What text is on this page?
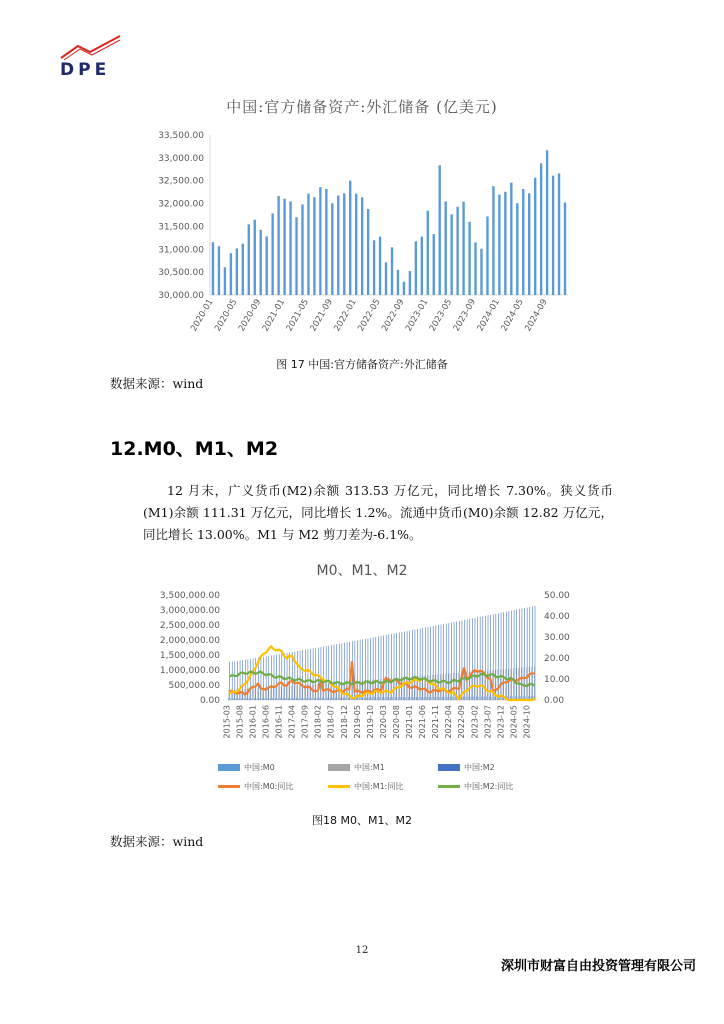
DPE
中国:官方储备资产:外汇储备 (亿美元)
30,000.00
30,500.00
31,000.00
31,500.00
32,000.00
32,500.00
33,000.00
33,500.00
2020-01
2020-05
2020-09
2021-01
2021-05
2021-09
2022-01
2022-05
2022-09
2023-01
2023-05
2023-09
2024-01
2024-05
2024-09
图 17 中国:官方储备资产:外汇储备
数据来源：wind
12.M0、M1、M2
12 月末，广义货币(M2)余额 313.53 万亿元，同比增长 7.30%。狭义货币(M1)余额 111.31 万亿元，同比增长 1.2%。流通中货币(M0)余额 12.82 万亿元，同比增长 13.00%。M1 与 M2 剪刀差为-6.1%。
M0、M1、M2
0.00
500,000.00
1,000,000.00
1,500,000.00
2,000,000.00
2,500,000.00
3,000,000.00
3,500,000.00
0.00
10.00
20.00
30.00
40.00
50.00
2015-03 2015-08 2016-01 2016-06 2016-11 2017-04 2017-09 2018-02 2018-07 2018-12 2019-05 2019-10 2020-03 2020-08 2021-01 2021-06 2021-11 2022-04 2022-09 2023-02 2023-07 2023-12 2024-05 2024-10
中国:M0	中国:M1	中国:M2
中国:M0:同比	中国:M1:同比	中国:M2:同比
图18 M0、M1、M2
数据来源：wind
12
深圳市财富自由投资管理有限公司
